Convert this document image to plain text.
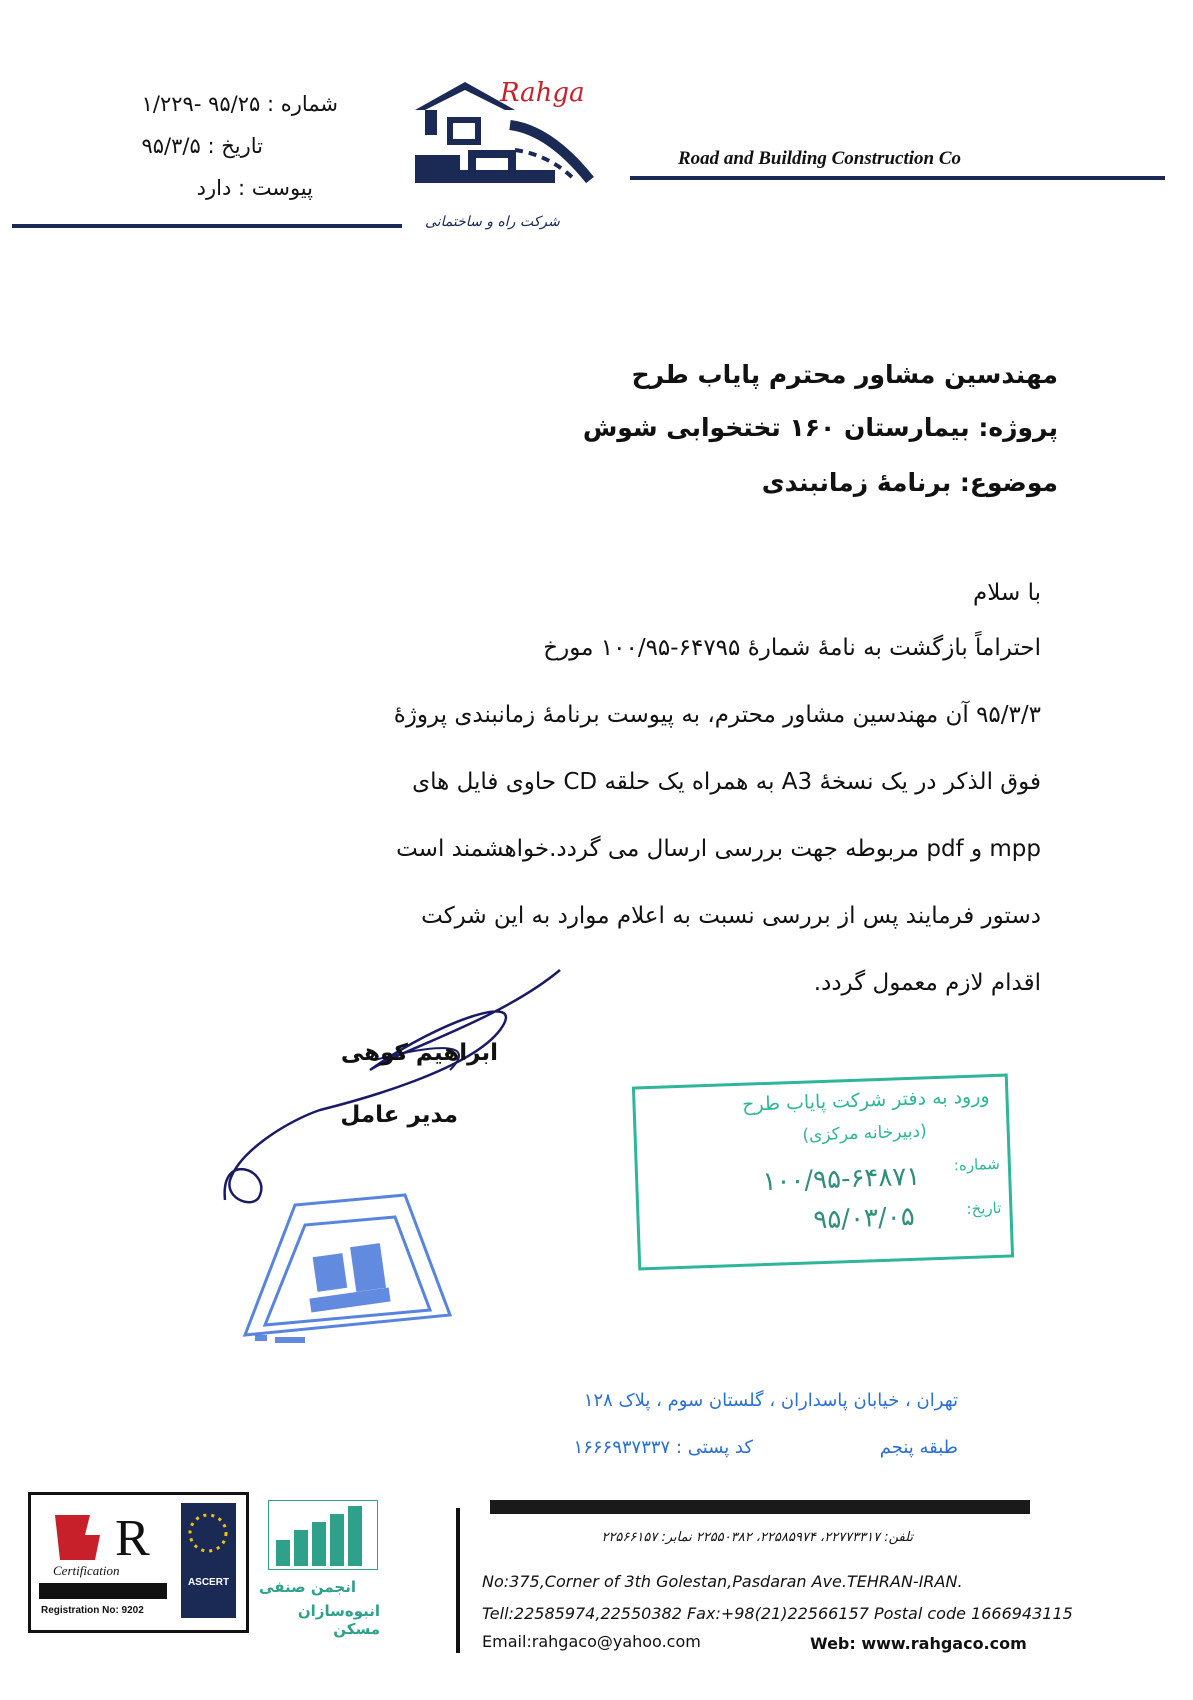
شماره : ۹۵/۲۵ -۱/۲۲۹
تاریخ : ۹۵/۳/۵
پیوست : دارد
Rahga
شرکت راه و ساختمانی
Road and Building Construction Co
مهندسین مشاور محترم پایاب طرح
پروژه: بیمارستان ۱۶۰ تختخوابی شوش
موضوع: برنامهٔ زمانبندی
با سلام
احتراماً بازگشت به نامهٔ شمارهٔ ۶۴۷۹۵-۱۰۰/۹۵ مورخ
۹۵/۳/۳ آن مهندسین مشاور محترم، به پیوست برنامهٔ زمانبندی پروژهٔ
فوق الذکر در یک نسخهٔ A3 به همراه یک حلقه CD حاوی فایل های
mpp و pdf مربوطه جهت بررسی ارسال می گردد.خواهشمند است
دستور فرمایند پس از بررسی نسبت به اعلام موارد به این شرکت
اقدام لازم معمول گردد.
ابراهیم کوهی
مدیر عامل	ورود به دفتر شرکت پایاب طرح
(دبیرخانه مرکزی)
شماره:
۱۰۰/۹۵-۶۴۸۷۱
تاریخ:
۹۵/۰۳/۰۵
تهران ، خیابان پاسداران ، گلستان سوم ، پلاک ۱۲۸
طبقه پنجم
کد پستی : ۱۶۶۶۹۳۷۳۳۷
R
Certification
Registration No: 9202
ASCERT	انجمن صنفی
انبوه‌سازان مسکن
تلفن: ۲۲۷۷۳۳۱۷، ۲۲۵۸۵۹۷۴، ۲۲۵۵۰۳۸۲ نمابر: ۲۲۵۶۶۱۵۷
No:375,Corner of 3th Golestan,Pasdaran Ave.TEHRAN-IRAN.
Tell:22585974,22550382 Fax:+98(21)22566157 Postal code 1666943115
Email:rahgaco@yahoo.com	Web: www.rahgaco.com
